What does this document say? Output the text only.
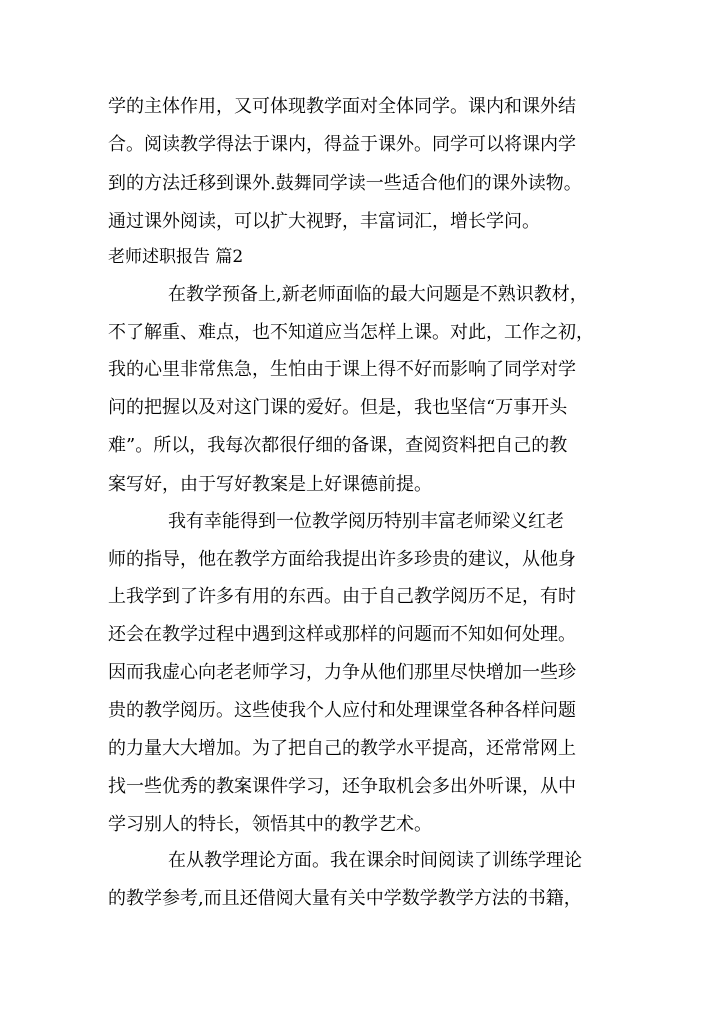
学的主体作用，又可体现教学面对全体同学。课内和课外结
合。阅读教学得法于课内，得益于课外。同学可以将课内学
到的方法迁移到课外.鼓舞同学读一些适合他们的课外读物。
通过课外阅读，可以扩大视野，丰富词汇，增长学问。
老师述职报告 篇2
在教学预备上,新老师面临的最大问题是不熟识教材，
不了解重、难点，也不知道应当怎样上课。对此，工作之初，
我的心里非常焦急，生怕由于课上得不好而影响了同学对学
问的把握以及对这门课的爱好。但是，我也坚信“万事开头
难”。所以，我每次都很仔细的备课，查阅资料把自己的教
案写好，由于写好教案是上好课德前提。
我有幸能得到一位教学阅历特别丰富老师梁义红老
师的指导，他在教学方面给我提出许多珍贵的建议，从他身
上我学到了许多有用的东西。由于自己教学阅历不足，有时
还会在教学过程中遇到这样或那样的问题而不知如何处理。
因而我虚心向老老师学习，力争从他们那里尽快增加一些珍
贵的教学阅历。这些使我个人应付和处理课堂各种各样问题
的力量大大增加。为了把自己的教学水平提高，还常常网上
找一些优秀的教案课件学习，还争取机会多出外听课，从中
学习别人的特长，领悟其中的教学艺术。
在从教学理论方面。我在课余时间阅读了训练学理论
的教学参考,而且还借阅大量有关中学数学教学方法的书籍，
